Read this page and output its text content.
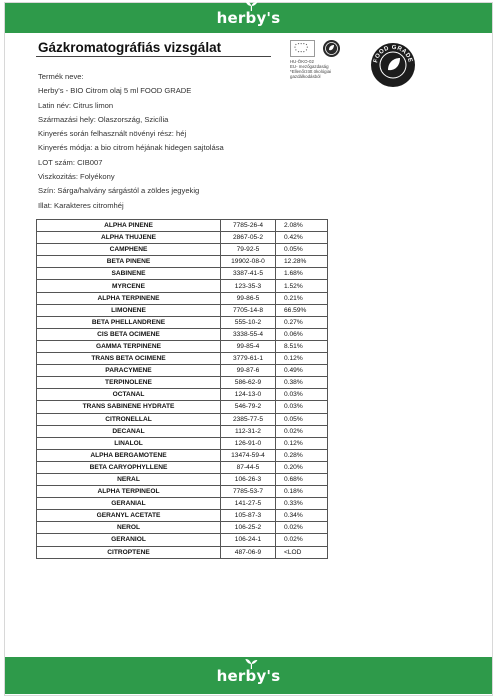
herby's
Gázkromatográfiás vizsgálat
Termék neve:
Herby's - BIO Citrom olaj 5 ml FOOD GRADE
Latin név: Citrus limon
Származási hely: Olaszország, Szicília
Kinyerés során felhasznált növényi rész: héj
Kinyerés módja: a bio citrom héjának hidegen sajtolása
LOT szám: CIB007
Viszkozitás: Folyékony
Szín: Sárga/halvány sárgástól a zöldes jegyekig
Illat: Karakteres citromhéj
HU-ÖKO-02
EU- mezőgazdaság
*Ellenőrzött ökológiai gazdálkodásból
FOOD GRADE
ALPHA PINENE	7785-26-4	2.08%
ALPHA THUJENE	2867-05-2	0.42%
CAMPHENE	79-92-5	0.05%
BETA PINENE	19902-08-0	12.28%
SABINENE	3387-41-5	1.68%
MYRCENE	123-35-3	1.52%
ALPHA TERPINENE	99-86-5	0.21%
LIMONENE	7705-14-8	66.59%
BETA PHELLANDRENE	555-10-2	0.27%
CIS BETA OCIMENE	3338-55-4	0.06%
GAMMA TERPINENE	99-85-4	8.51%
TRANS BETA OCIMENE	3779-61-1	0.12%
PARACYMENE	99-87-6	0.49%
TERPINOLENE	586-62-9	0.38%
OCTANAL	124-13-0	0.03%
TRANS SABINENE HYDRATE	546-79-2	0.03%
CITRONELLAL	2385-77-5	0.05%
DECANAL	112-31-2	0.02%
LINALOL	126-91-0	0.12%
ALPHA BERGAMOTENE	13474-59-4	0.28%
BETA CARYOPHYLLENE	87-44-5	0.20%
NERAL	106-26-3	0.68%
ALPHA TERPINEOL	7785-53-7	0.18%
GERANIAL	141-27-5	0.33%
GERANYL ACETATE	105-87-3	0.34%
NEROL	106-25-2	0.02%
GERANIOL	106-24-1	0.02%
CITROPTENE	487-06-9	<LOD
herby's
